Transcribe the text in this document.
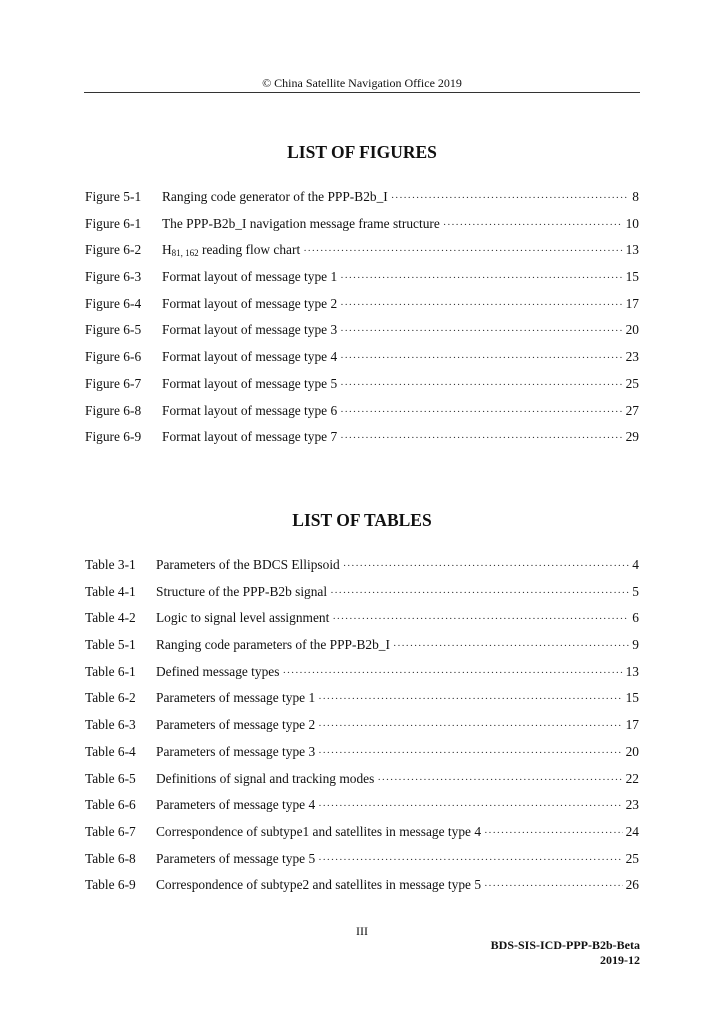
© China Satellite Navigation Office 2019
LIST OF FIGURES
Figure 5-1	Ranging code generator of the PPP-B2b_I ·····	8
Figure 6-1	The PPP-B2b_I navigation message frame structure ·····	10
Figure 6-2	$H_{81, 162}$ reading flow chart ·····	13
Figure 6-3	Format layout of message type 1 ·····	15
Figure 6-4	Format layout of message type 2 ·····	17
Figure 6-5	Format layout of message type 3 ·····	20
Figure 6-6	Format layout of message type 4 ·····	23
Figure 6-7	Format layout of message type 5 ·····	25
Figure 6-8	Format layout of message type 6 ·····	27
Figure 6-9	Format layout of message type 7 ·····	29
LIST OF TABLES
Table 3-1	Parameters of the BDCS Ellipsoid ·····	4
Table 4-1	Structure of the PPP-B2b signal ·····	5
Table 4-2	Logic to signal level assignment ·····	6
Table 5-1	Ranging code parameters of the PPP-B2b_I ·····	9
Table 6-1	Defined message types ·····	13
Table 6-2	Parameters of message type 1 ·····	15
Table 6-3	Parameters of message type 2 ·····	17
Table 6-4	Parameters of message type 3 ·····	20
Table 6-5	Definitions of signal and tracking modes ·····	22
Table 6-6	Parameters of message type 4 ·····	23
Table 6-7	Correspondence of subtype1 and satellites in message type 4 ·····	24
Table 6-8	Parameters of message type 5 ·····	25
Table 6-9	Correspondence of subtype2 and satellites in message type 5 ·····	26
III
BDS-SIS-ICD-PPP-B2b-Beta
2019-12
